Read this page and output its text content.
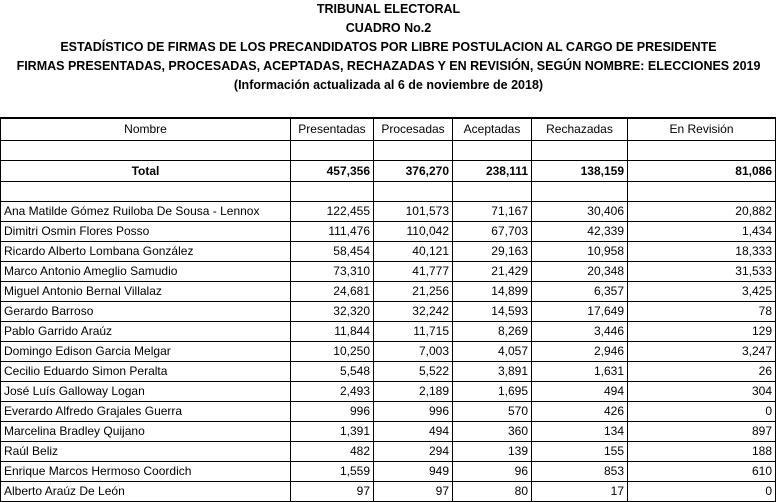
TRIBUNAL ELECTORAL
CUADRO No.2
ESTADÍSTICO DE FIRMAS DE LOS PRECANDIDATOS POR LIBRE POSTULACION AL CARGO DE PRESIDENTE
FIRMAS PRESENTADAS, PROCESADAS, ACEPTADAS, RECHAZADAS Y EN REVISIÓN, SEGÚN NOMBRE: ELECCIONES 2019
(Información actualizada al 6 de noviembre de 2018)
Nombre	Presentadas	Procesadas	Aceptadas	Rechazadas	En Revisión

Total	457,356	376,270	238,111	138,159	81,086

Ana Matilde Gómez Ruiloba De Sousa - Lennox	122,455	101,573	71,167	30,406	20,882
Dimitri Osmin Flores Posso	111,476	110,042	67,703	42,339	1,434
Ricardo Alberto Lombana González	58,454	40,121	29,163	10,958	18,333
Marco Antonio Ameglio Samudio	73,310	41,777	21,429	20,348	31,533
Miguel Antonio Bernal Villalaz	24,681	21,256	14,899	6,357	3,425
Gerardo Barroso	32,320	32,242	14,593	17,649	78
Pablo Garrido Araúz	11,844	11,715	8,269	3,446	129
Domingo Edison Garcia Melgar	10,250	7,003	4,057	2,946	3,247
Cecilio Eduardo Simon Peralta	5,548	5,522	3,891	1,631	26
José Luís Galloway Logan	2,493	2,189	1,695	494	304
Everardo Alfredo Grajales Guerra	996	996	570	426	0
Marcelina Bradley Quijano	1,391	494	360	134	897
Raúl Beliz	482	294	139	155	188
Enrique Marcos Hermoso Coordich	1,559	949	96	853	610
Alberto Araúz De León	97	97	80	17	0
